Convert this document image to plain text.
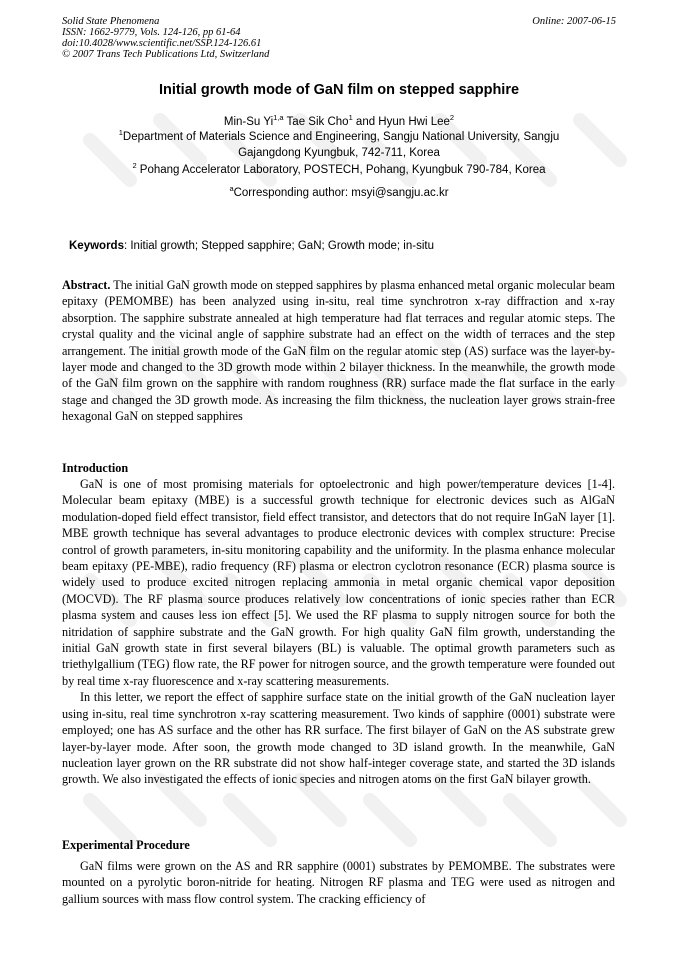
Solid State Phenomena
ISSN: 1662-9779, Vols. 124-126, pp 61-64
doi:10.4028/www.scientific.net/SSP.124-126.61
© 2007 Trans Tech Publications Ltd, Switzerland
Online: 2007-06-15
Initial growth mode of GaN film on stepped sapphire
Min-Su Yi$^{1,a}$ Tae Sik Cho$^1$ and Hyun Hwi Lee$^2$
$^1$Department of Materials Science and Engineering, Sangju National University, Sangju
Gajangdong Kyungbuk, 742-711, Korea
$^2$ Pohang Accelerator Laboratory, POSTECH, Pohang, Kyungbuk 790-784, Korea
$^a$Corresponding author: msyi@sangju.ac.kr
Keywords: Initial growth; Stepped sapphire; GaN; Growth mode; in-situ

Abstract. The initial GaN growth mode on stepped sapphires by plasma enhanced metal organic molecular beam epitaxy (PEMOMBE) has been analyzed using in-situ, real time synchrotron x-ray diffraction and x-ray absorption. The sapphire substrate annealed at high temperature had flat terraces and regular atomic steps. The crystal quality and the vicinal angle of sapphire substrate had an effect on the width of terraces and the step arrangement. The initial growth mode of the GaN film on the regular atomic step (AS) surface was the layer-by-layer mode and changed to the 3D growth mode within 2 bilayer thickness. In the meanwhile, the growth mode of the GaN film grown on the sapphire with random roughness (RR) surface made the flat surface in the early stage and changed the 3D growth mode. As increasing the film thickness, the nucleation layer grows strain-free hexagonal GaN on stepped sapphires

Introduction

GaN is one of most promising materials for optoelectronic and high power/temperature devices [1-4]. Molecular beam epitaxy (MBE) is a successful growth technique for electronic devices such as AlGaN modulation-doped field effect transistor, field effect transistor, and detectors that do not require InGaN layer [1]. MBE growth technique has several advantages to produce electronic devices with complex structure: Precise control of growth parameters, in-situ monitoring capability and the uniformity. In the plasma enhance molecular beam epitaxy (PE-MBE), radio frequency (RF) plasma or electron cyclotron resonance (ECR) plasma source is widely used to produce excited nitrogen replacing ammonia in metal organic chemical vapor deposition (MOCVD). The RF plasma source produces relatively low concentrations of ionic species rather than ECR plasma system and causes less ion effect [5]. We used the RF plasma to supply nitrogen source for both the nitridation of sapphire substrate and the GaN growth. For high quality GaN film growth, understanding the initial GaN growth state in first several bilayers (BL) is valuable. The optimal growth parameters such as triethylgallium (TEG) flow rate, the RF power for nitrogen source, and the growth temperature were founded out by real time x-ray fluorescence and x-ray scattering measurements.

In this letter, we report the effect of sapphire surface state on the initial growth of the GaN nucleation layer using in-situ, real time synchrotron x-ray scattering measurement. Two kinds of sapphire (0001) substrate were employed; one has AS surface and the other has RR surface. The first bilayer of GaN on the AS substrate grew layer-by-layer mode. After soon, the growth mode changed to 3D island growth. In the meanwhile, GaN nucleation layer grown on the RR substrate did not show half-integer coverage state, and started the 3D islands growth. We also investigated the effects of ionic species and nitrogen atoms on the first GaN bilayer growth.

Experimental Procedure

GaN films were grown on the AS and RR sapphire (0001) substrates by PEMOMBE. The substrates were mounted on a pyrolytic boron-nitride for heating. Nitrogen RF plasma and TEG were used as nitrogen and gallium sources with mass flow control system. The cracking efficiency of
